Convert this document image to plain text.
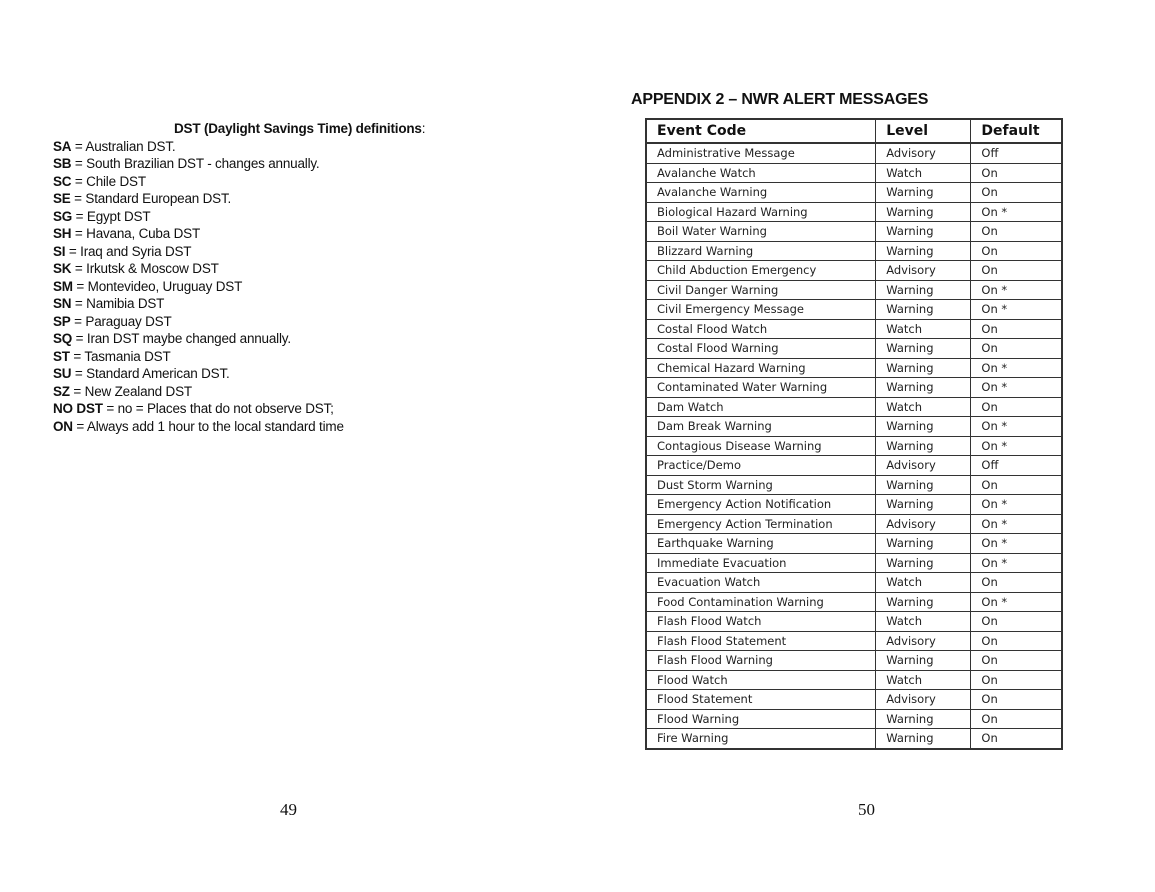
DST (Daylight Savings Time) definitions:
SA = Australian DST.
SB = South Brazilian DST - changes annually.
SC = Chile DST
SE = Standard European DST.
SG = Egypt DST
SH = Havana, Cuba DST
SI = Iraq and Syria DST
SK = Irkutsk & Moscow DST
SM = Montevideo, Uruguay DST
SN = Namibia DST
SP = Paraguay DST
SQ = Iran DST maybe changed annually.
ST = Tasmania DST
SU = Standard American DST.
SZ = New Zealand DST
NO DST = no = Places that do not observe DST;
ON = Always add 1 hour to the local standard time
49
APPENDIX 2 – NWR ALERT MESSAGES
Event Code	Level	Default
Administrative Message	Advisory	Off
Avalanche Watch	Watch	On
Avalanche Warning	Warning	On
Biological Hazard Warning	Warning	On *
Boil Water Warning	Warning	On
Blizzard Warning	Warning	On
Child Abduction Emergency	Advisory	On
Civil Danger Warning	Warning	On *
Civil Emergency Message	Warning	On *
Costal Flood Watch	Watch	On
Costal Flood Warning	Warning	On
Chemical Hazard Warning	Warning	On *
Contaminated Water Warning	Warning	On *
Dam Watch	Watch	On
Dam Break Warning	Warning	On *
Contagious Disease Warning	Warning	On *
Practice/Demo	Advisory	Off
Dust Storm Warning	Warning	On
Emergency Action Notification	Warning	On *
Emergency Action Termination	Advisory	On *
Earthquake Warning	Warning	On *
Immediate Evacuation	Warning	On *
Evacuation Watch	Watch	On
Food Contamination Warning	Warning	On *
Flash Flood Watch	Watch	On
Flash Flood Statement	Advisory	On
Flash Flood Warning	Warning	On
Flood Watch	Watch	On
Flood Statement	Advisory	On
Flood Warning	Warning	On
Fire Warning	Warning	On
50
